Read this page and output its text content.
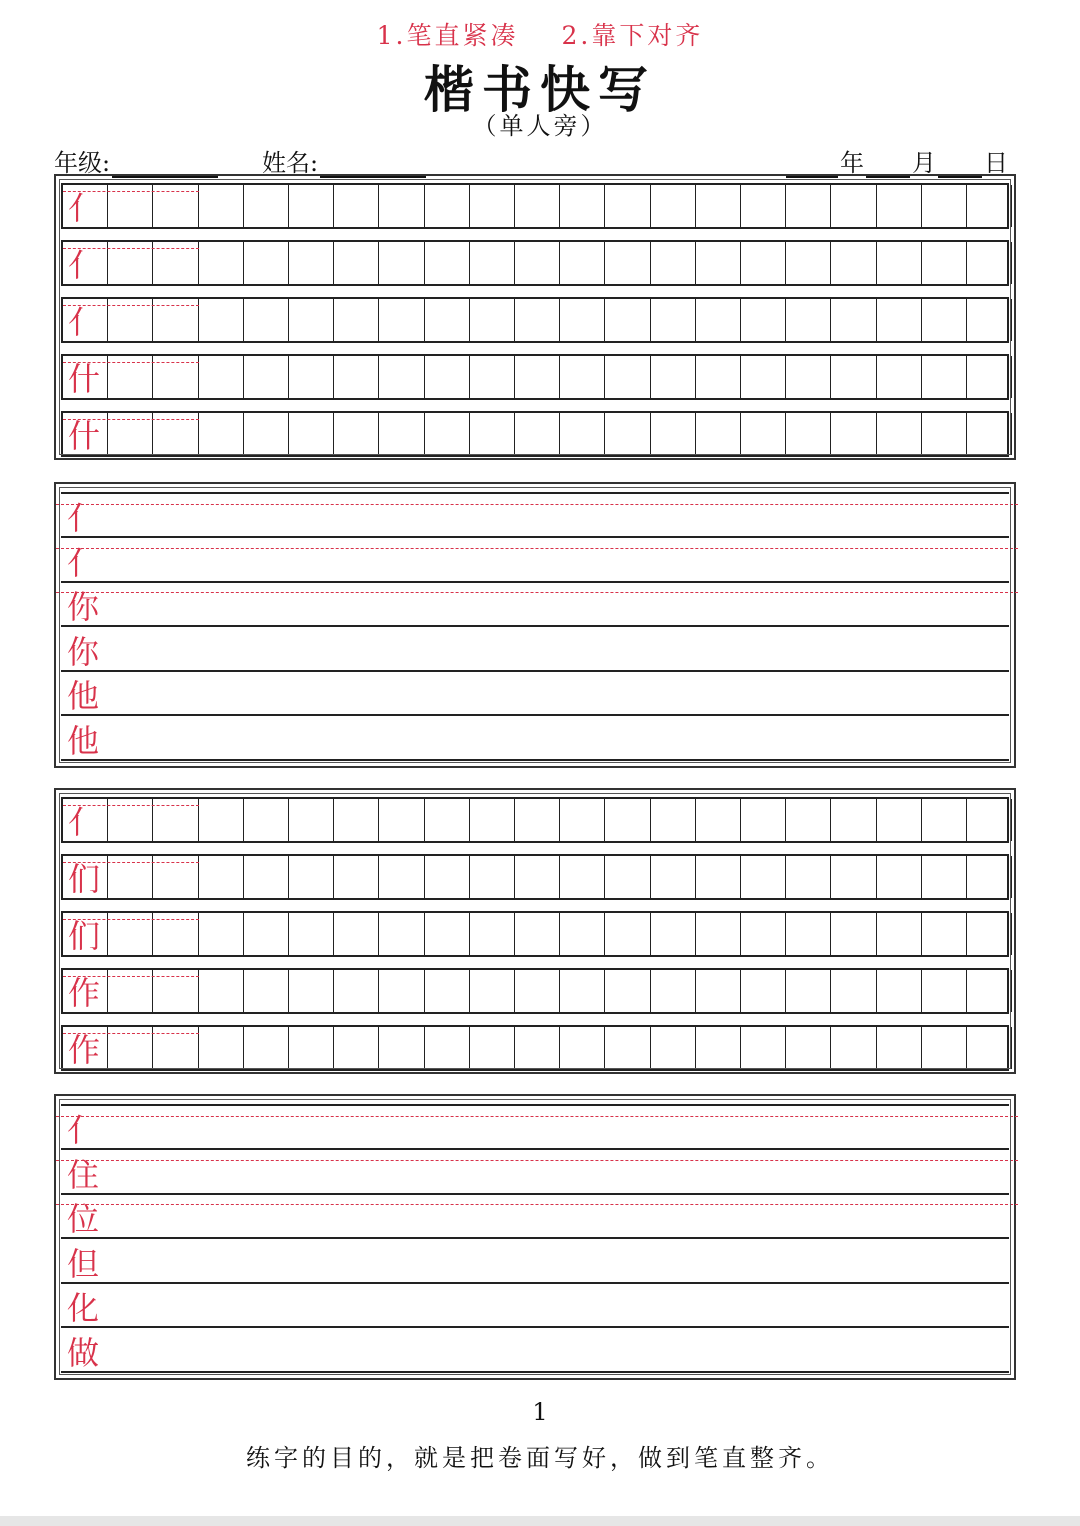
1.笔直紧凑 2.靠下对齐
楷书快写
（单人旁）
年级:	姓名:	年 月 日
亻
亻
亻
什
什
亻
亻
你
你
他
他
亻
们
们
作
作
亻
住
位
但
化
做
1
练字的目的，就是把卷面写好，做到笔直整齐。
